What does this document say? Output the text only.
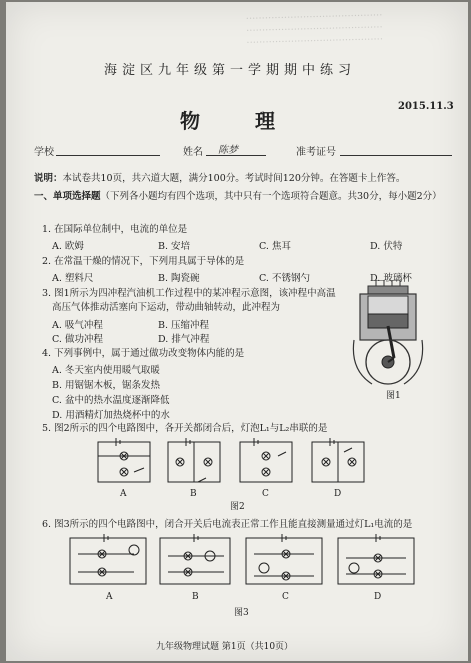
...........................................
...........................................
...........................................
海淀区九年级第一学期期中练习
物 理
2015.11.3
学校	姓名 陈梦	准考证号
说明：本试卷共10页，共六道大题，满分100分。考试时间120分钟。在答题卡上作答。
一、单项选择题（下列各小题均有四个选项，其中只有一个选项符合题意。共30分，每小题2分）
1. 在国际单位制中，电流的单位是
A. 欧姆	B. 安培	C. 焦耳	D. 伏特
2. 在常温干燥的情况下，下列用具属于导体的是
A. 塑料尺	B. 陶瓷碗	C. 不锈钢勺	D. 玻璃杯
3. 图1所示为四冲程汽油机工作过程中的某冲程示意图，该冲程中高温
高压气体推动活塞向下运动，带动曲轴转动，此冲程为
A. 吸气冲程	B. 压缩冲程
C. 做功冲程	D. 排气冲程
图1
4. 下列事例中，属于通过做功改变物体内能的是
A. 冬天室内使用暖气取暖
B. 用锯锯木板，锯条发热
C. 盆中的热水温度逐渐降低
D. 用酒精灯加热烧杯中的水
5. 图2所示的四个电路图中，各开关都闭合后，灯泡L₁与L₂串联的是
A	B	C	D
图2
6. 图3所示的四个电路图中，闭合开关后电流表正常工作且能直接测量通过灯L₁电流的是
A	B	C	D
图3
九年级物理试题 第1页（共10页）
